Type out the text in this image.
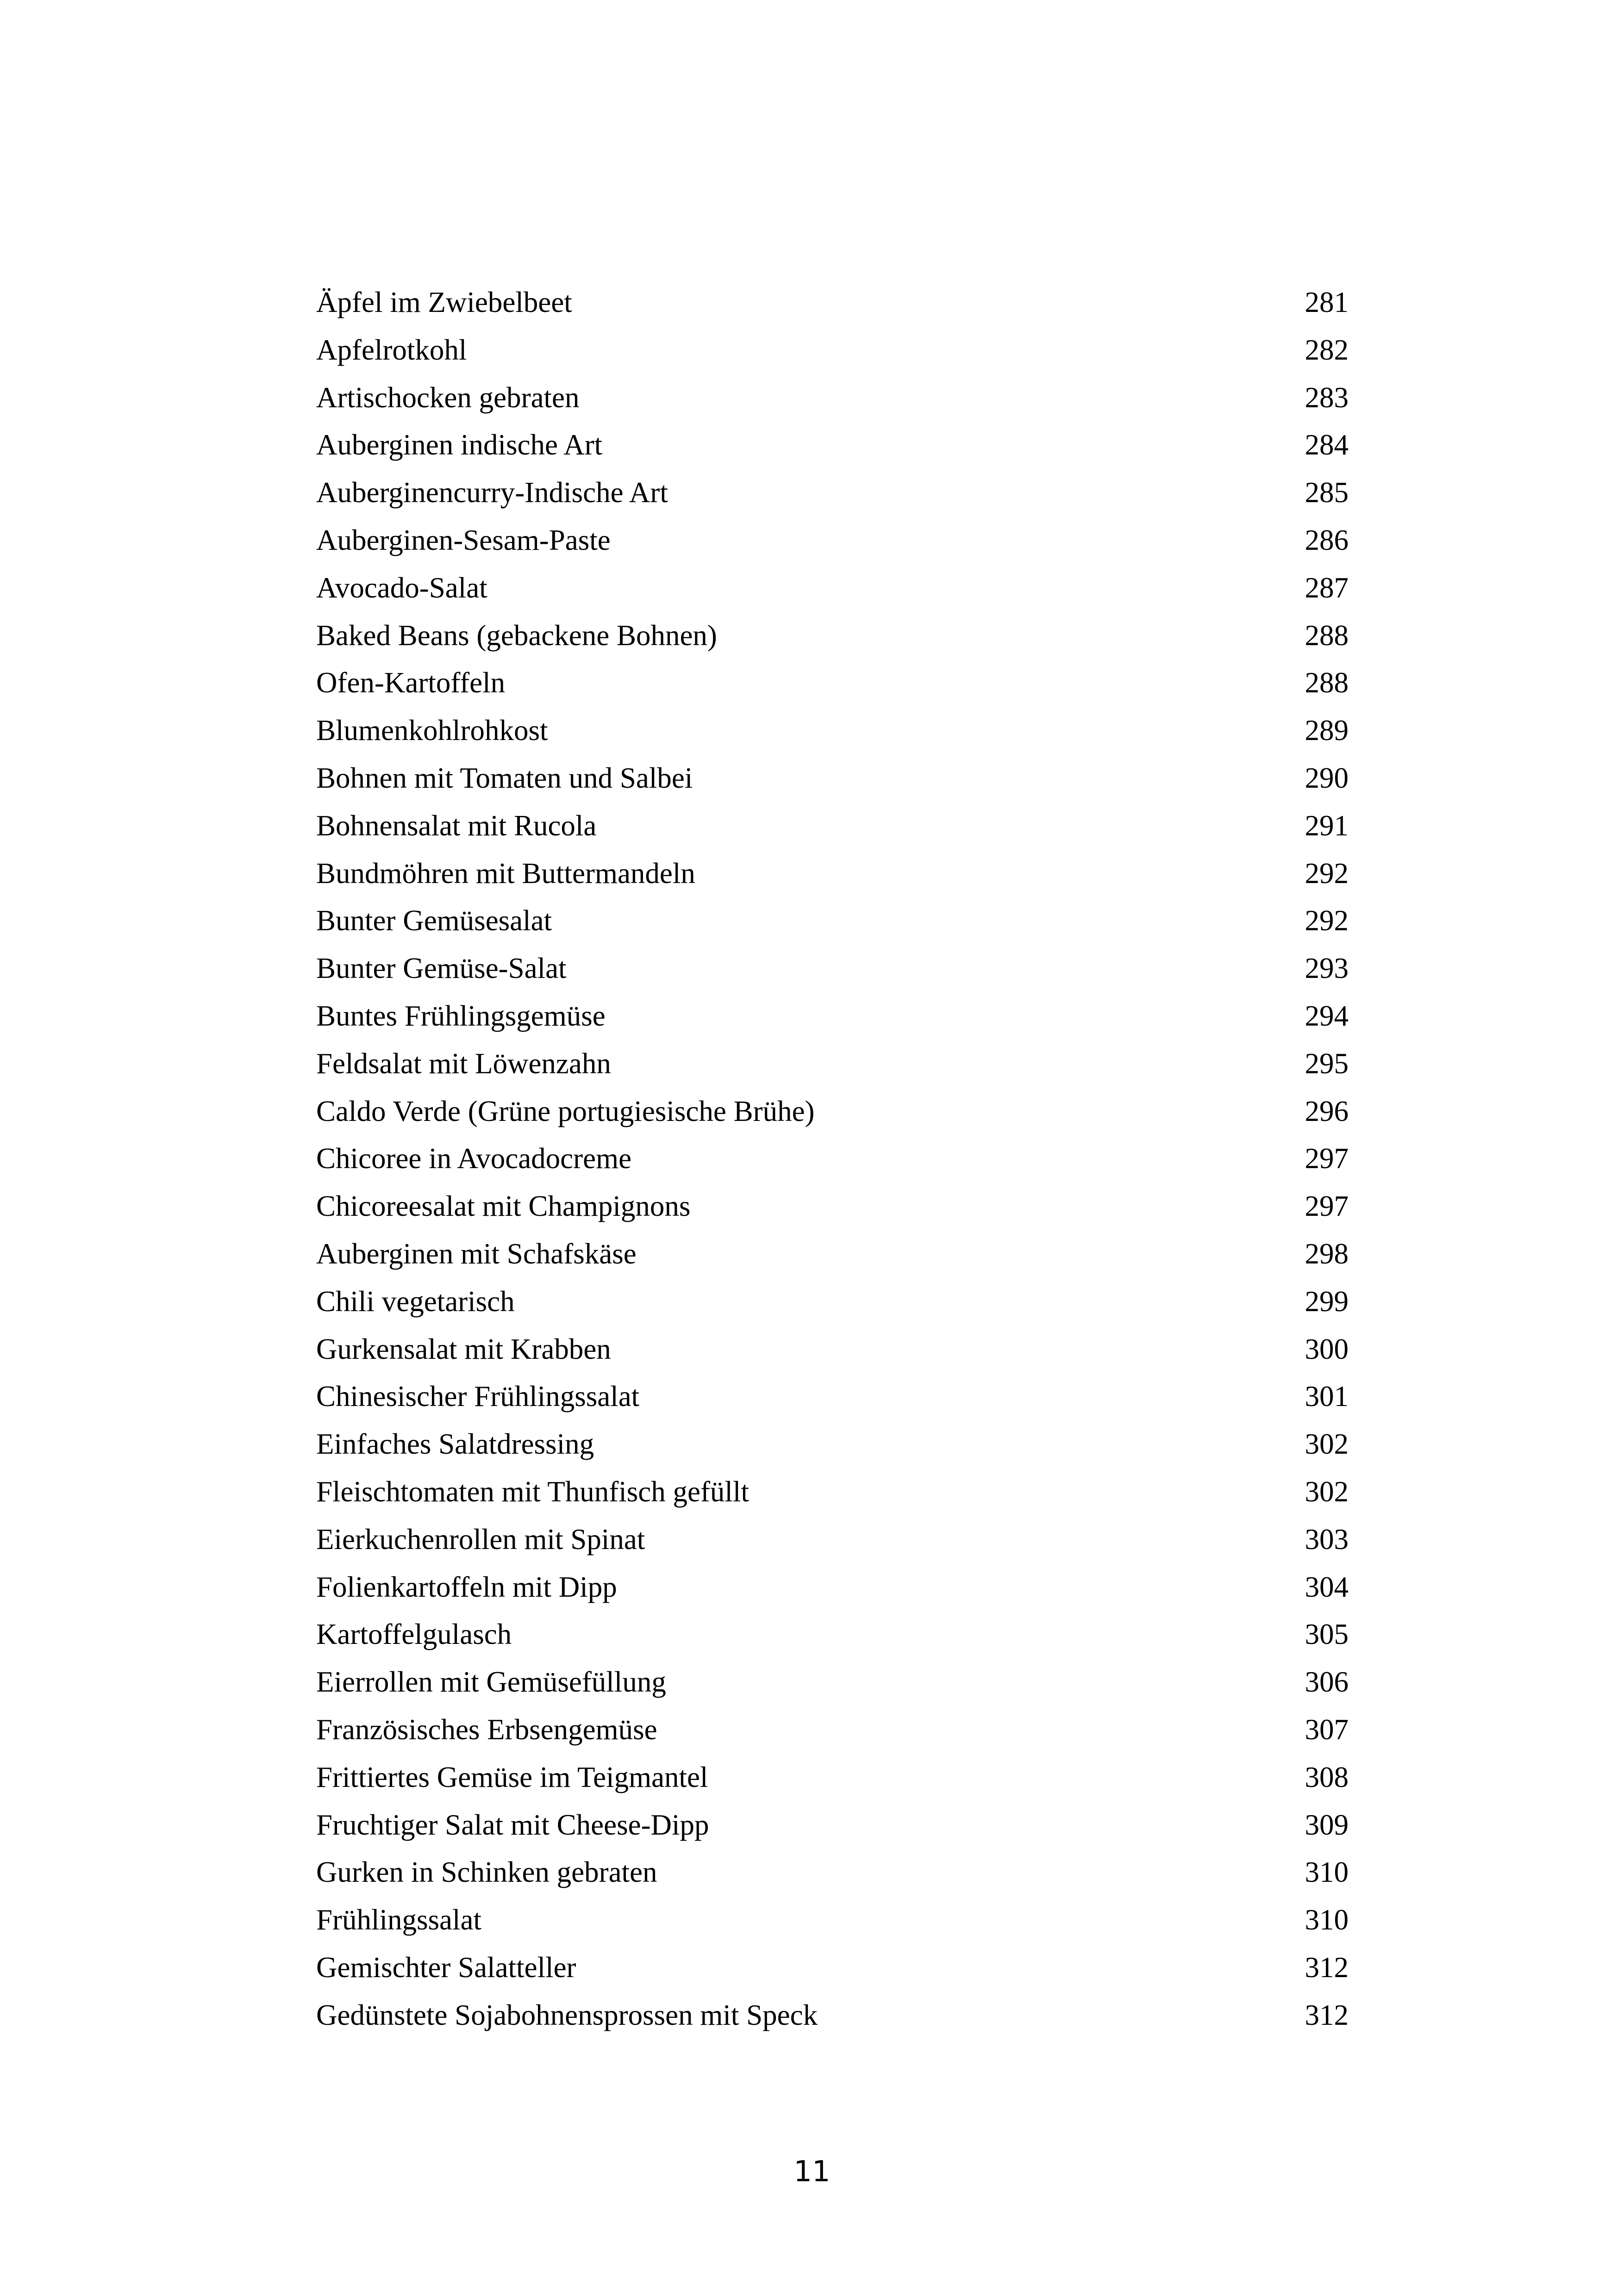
Äpfel im Zwiebelbeet	281
Apfelrotkohl	282
Artischocken gebraten	283
Auberginen indische Art	284
Auberginencurry-Indische Art	285
Auberginen-Sesam-Paste	286
Avocado-Salat	287
Baked Beans (gebackene Bohnen)	288
Ofen-Kartoffeln	288
Blumenkohlrohkost	289
Bohnen mit Tomaten und Salbei	290
Bohnensalat mit Rucola	291
Bundmöhren mit Buttermandeln	292
Bunter Gemüsesalat	292
Bunter Gemüse-Salat	293
Buntes Frühlingsgemüse	294
Feldsalat mit Löwenzahn	295
Caldo Verde (Grüne portugiesische Brühe)	296
Chicoree in Avocadocreme	297
Chicoreesalat mit Champignons	297
Auberginen mit Schafskäse	298
Chili vegetarisch	299
Gurkensalat mit Krabben	300
Chinesischer Frühlingssalat	301
Einfaches Salatdressing	302
Fleischtomaten mit Thunfisch gefüllt	302
Eierkuchenrollen mit Spinat	303
Folienkartoffeln mit Dipp	304
Kartoffelgulasch	305
Eierrollen mit Gemüsefüllung	306
Französisches Erbsengemüse	307
Frittiertes Gemüse im Teigmantel	308
Fruchtiger Salat mit Cheese-Dipp	309
Gurken in Schinken gebraten	310
Frühlingssalat	310
Gemischter Salatteller	312
Gedünstete Sojabohnensprossen mit Speck	312
11
